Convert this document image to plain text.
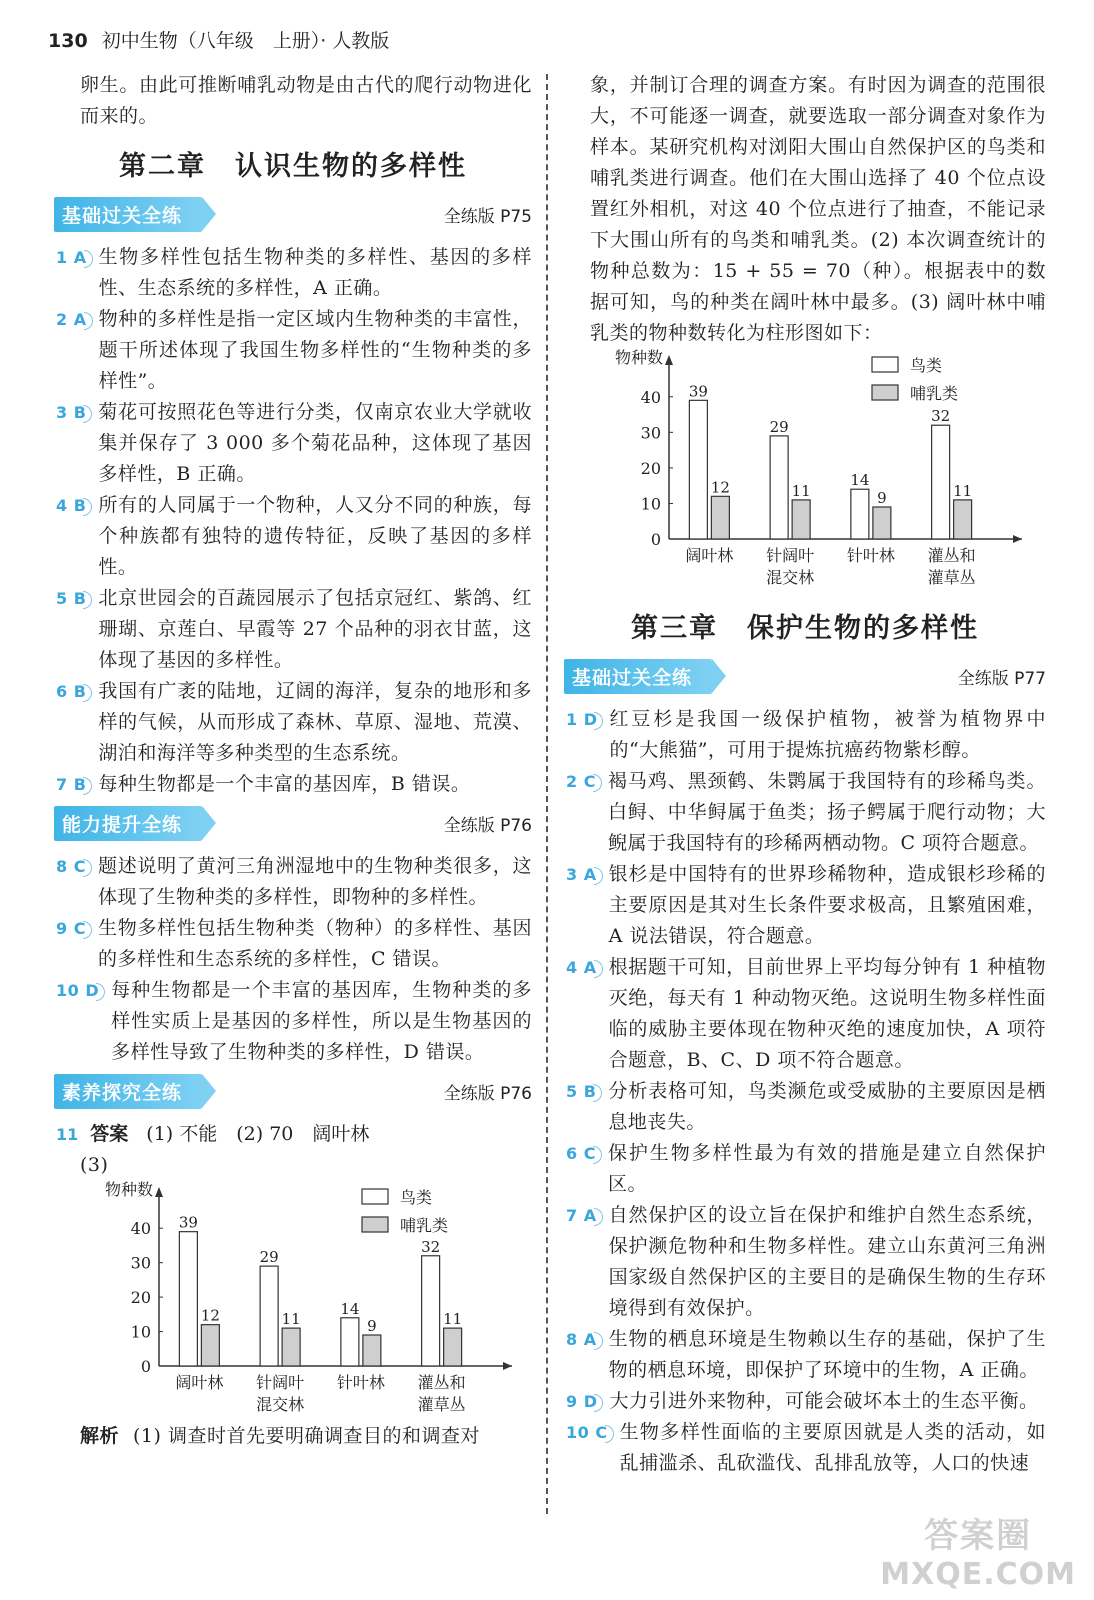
130 初中生物（八年级　上册）· 人教版

卵生。由此可推断哺乳动物是由古代的爬行动物进化而来的。

第二章　认识生物的多样性
基础过关全练	全练版 P75
1 A 生物多样性包括生物种类的多样性、基因的多样性、生态系统的多样性，A 正确。
2 A 物种的多样性是指一定区域内生物种类的丰富性，题干所述体现了我国生物多样性的“生物种类的多样性”。
3 B 菊花可按照花色等进行分类，仅南京农业大学就收集并保存了 3 000 多个菊花品种，这体现了基因多样性，B 正确。
4 B 所有的人同属于一个物种，人又分不同的种族，每个种族都有独特的遗传特征，反映了基因的多样性。
5 B 北京世园会的百蔬园展示了包括京冠红、紫鸽、红珊瑚、京莲白、早霞等 27 个品种的羽衣甘蓝，这体现了基因的多样性。
6 B 我国有广袤的陆地，辽阔的海洋，复杂的地形和多样的气候，从而形成了森林、草原、湿地、荒漠、湖泊和海洋等多种类型的生态系统。
7 B 每种生物都是一个丰富的基因库，B 错误。
能力提升全练	全练版 P76
8 C 题述说明了黄河三角洲湿地中的生物种类很多，这体现了生物种类的多样性，即物种的多样性。
9 C 生物多样性包括生物种类（物种）的多样性、基因的多样性和生态系统的多样性，C 错误。
10 D 每种生物都是一个丰富的基因库，生物种类的多样性实质上是基因的多样性，所以是生物基因的多样性导致了生物种类的多样性，D 错误。
素养探究全练	全练版 P76
11 答案 (1) 不能　(2) 70　阔叶林
(3)
物种数
0
10
20
30
40 39
12
阔叶林
29
11
针阔叶
混交林
14
9
针叶林
32
11
灌丛和
灌草丛
鸟类
哺乳类

解析 (1) 调查时首先要明确调查目的和调查对

象，并制订合理的调查方案。有时因为调查的范围很大，不可能逐一调查，就要选取一部分调查对象作为样本。某研究机构对浏阳大围山自然保护区的鸟类和哺乳类进行调查。他们在大围山选择了 40 个位点设置红外相机，对这 40 个位点进行了抽查，不能记录下大围山所有的鸟类和哺乳类。(2) 本次调查统计的物种总数为：15 + 55 = 70（种）。根据表中的数据可知，鸟的种类在阔叶林中最多。(3) 阔叶林中哺乳类的物种数转化为柱形图如下：

物种数
0
10
20
30
40 39
12
阔叶林
29
11
针阔叶
混交林
14
9
针叶林
32
11
灌丛和
灌草丛
鸟类
哺乳类
第三章　保护生物的多样性
基础过关全练	全练版 P77
1 D 红豆杉是我国一级保护植物，被誉为植物界中的“大熊猫”，可用于提炼抗癌药物紫杉醇。
2 C 褐马鸡、黑颈鹤、朱鹮属于我国特有的珍稀鸟类。白鲟、中华鲟属于鱼类；扬子鳄属于爬行动物；大鲵属于我国特有的珍稀两栖动物。C 项符合题意。
3 A 银杉是中国特有的世界珍稀物种，造成银杉珍稀的主要原因是其对生长条件要求极高，且繁殖困难，A 说法错误，符合题意。
4 A 根据题干可知，目前世界上平均每分钟有 1 种植物灭绝，每天有 1 种动物灭绝。这说明生物多样性面临的威胁主要体现在物种灭绝的速度加快，A 项符合题意，B、C、D 项不符合题意。
5 B 分析表格可知，鸟类濒危或受威胁的主要原因是栖息地丧失。
6 C 保护生物多样性最为有效的措施是建立自然保护区。
7 A 自然保护区的设立旨在保护和维护自然生态系统，保护濒危物种和生物多样性。建立山东黄河三角洲国家级自然保护区的主要目的是确保生物的生存环境得到有效保护。
8 A 生物的栖息环境是生物赖以生存的基础，保护了生物的栖息环境，即保护了环境中的生物，A 正确。
9 D 大力引进外来物种，可能会破坏本土的生态平衡。
10 C 生物多样性面临的主要原因就是人类的活动，如乱捕滥杀、乱砍滥伐、乱排乱放等，人口的快速
答案圈
MXQE.COM
